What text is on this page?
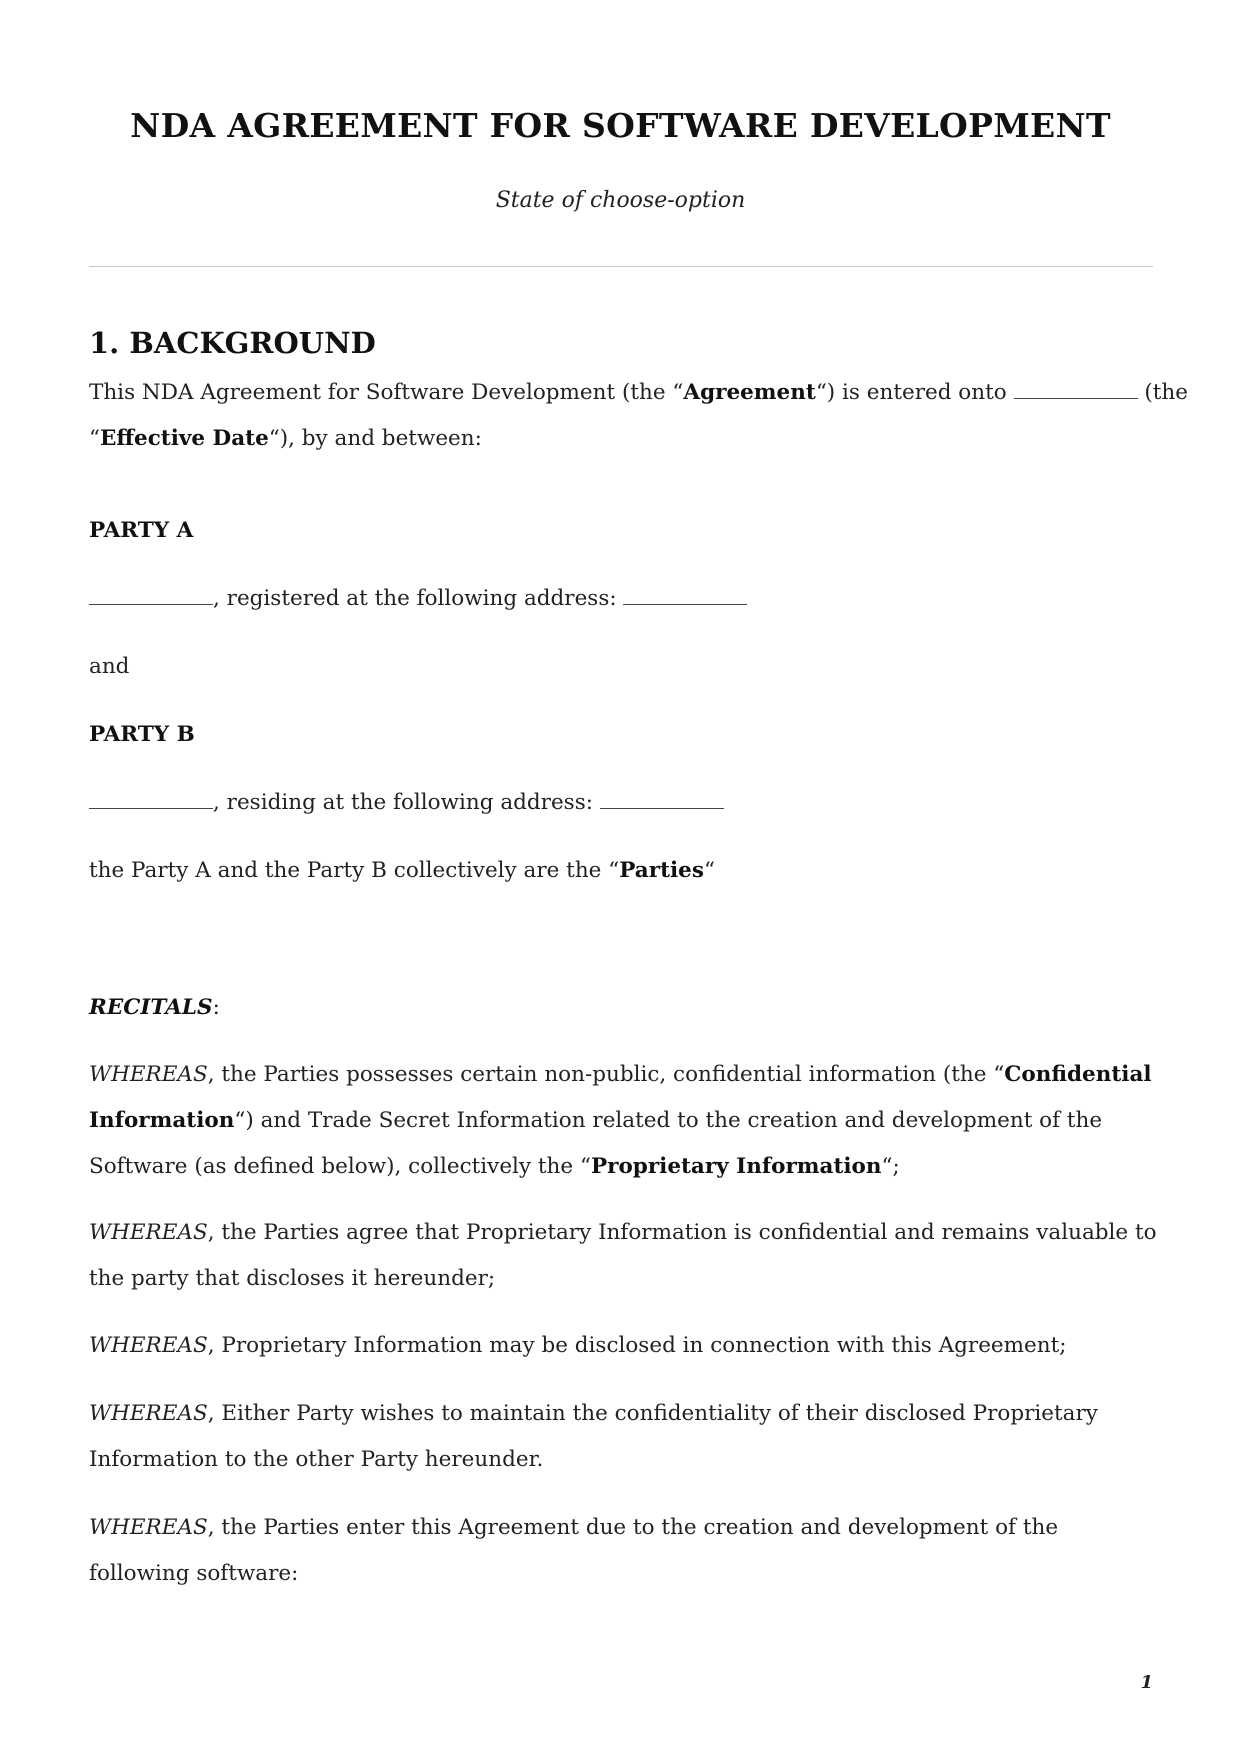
NDA AGREEMENT FOR SOFTWARE DEVELOPMENT
State of choose-option
1. BACKGROUND

This NDA Agreement for Software Development (the “Agreement“) is entered onto	(the
“Effective Date“), by and between:

PARTY A

, registered at the following address:

and

PARTY B

, residing at the following address:

the Party A and the Party B collectively are the “Parties“

RECITALS:

WHEREAS, the Parties possesses certain non-public, confidential information (the “Confidential Information“) and Trade Secret Information related to the creation and development of the Software (as defined below), collectively the “Proprietary Information“;

WHEREAS, the Parties agree that Proprietary Information is confidential and remains valuable to the party that discloses it hereunder;

WHEREAS, Proprietary Information may be disclosed in connection with this Agreement;

WHEREAS, Either Party wishes to maintain the confidentiality of their disclosed Proprietary Information to the other Party hereunder.

WHEREAS, the Parties enter this Agreement due to the creation and development of the following software:

1
